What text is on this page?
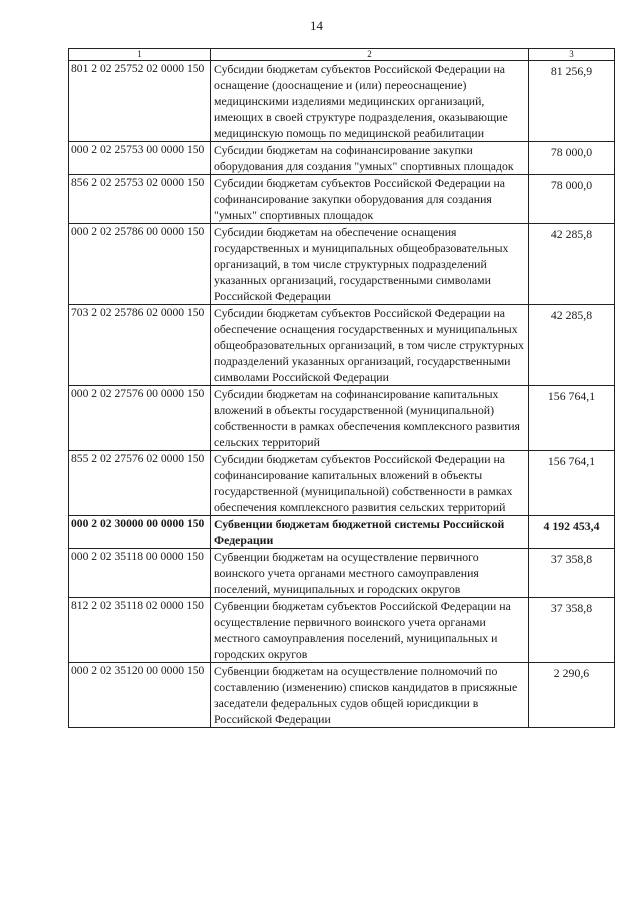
14
1	2	3
801 2 02 25752 02 0000 150	Субсидии бюджетам субъектов Российской Федерации на оснащение (дооснащение и (или) переоснащение) медицинскими изделиями медицинских организаций, имеющих в своей структуре подразделения, оказывающие медицинскую помощь по медицинской реабилитации	81 256,9
000 2 02 25753 00 0000 150	Субсидии бюджетам на софинансирование закупки оборудования для создания "умных" спортивных площадок	78 000,0
856 2 02 25753 02 0000 150	Субсидии бюджетам субъектов Российской Федерации на софинансирование закупки оборудования для создания "умных" спортивных площадок	78 000,0
000 2 02 25786 00 0000 150	Субсидии бюджетам на обеспечение оснащения государственных и муниципальных общеобразовательных организаций, в том числе структурных подразделений указанных организаций, государственными символами Российской Федерации	42 285,8
703 2 02 25786 02 0000 150	Субсидии бюджетам субъектов Российской Федерации на обеспечение оснащения государственных и муниципальных общеобразовательных организаций, в том числе структурных подразделений указанных организаций, государственными символами Российской Федерации	42 285,8
000 2 02 27576 00 0000 150	Субсидии бюджетам на софинансирование капитальных вложений в объекты государственной (муниципальной) собственности в рамках обеспечения комплексного развития сельских территорий	156 764,1
855 2 02 27576 02 0000 150	Субсидии бюджетам субъектов Российской Федерации на софинансирование капитальных вложений в объекты государственной (муниципальной) собственности в рамках обеспечения комплексного развития сельских территорий	156 764,1
000 2 02 30000 00 0000 150	Субвенции бюджетам бюджетной системы Российской Федерации	4 192 453,4
000 2 02 35118 00 0000 150	Субвенции бюджетам на осуществление первичного воинского учета органами местного самоуправления поселений, муниципальных и городских округов	37 358,8
812 2 02 35118 02 0000 150	Субвенции бюджетам субъектов Российской Федерации на осуществление первичного воинского учета органами местного самоуправления поселений, муниципальных и городских округов	37 358,8
000 2 02 35120 00 0000 150	Субвенции бюджетам на осуществление полномочий по составлению (изменению) списков кандидатов в присяжные заседатели федеральных судов общей юрисдикции в Российской Федерации	2 290,6
